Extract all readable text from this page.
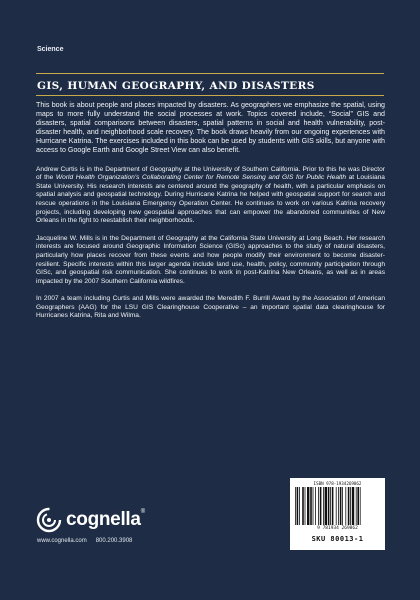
Science
GIS, HUMAN GEOGRAPHY, AND DISASTERS

This book is about people and places impacted by disasters. As geographers we emphasize the spatial, using maps to more fully understand the social processes at work. Topics covered include, “Social” GIS and disasters, spatial comparisons between disasters, spatial patterns in social and health vulnerability, post-disaster health, and neighborhood scale recovery. The book draws heavily from our ongoing experiences with Hurricane Katrina. The exercises included in this book can be used by students with GIS skills, but anyone with access to Google Earth and Google Street View can also benefit.

Andrew Curtis is in the Department of Geography at the University of Southern California. Prior to this he was Director of the World Health Organization's Collaborating Center for Remote Sensing and GIS for Public Health at Louisiana State University. His research interests are centered around the geography of health, with a particular emphasis on spatial analysis and geospatial technology. During Hurricane Katrina he helped with geospatial support for search and rescue operations in the Louisiana Emergency Operation Center. He continues to work on various Katrina recovery projects, including developing new geospatial approaches that can empower the abandoned communities of New Orleans in the fight to reestablish their neighborhoods.

Jacqueline W. Mills is in the Department of Geography at the California State University at Long Beach. Her research interests are focused around Geographic Information Science (GISc) approaches to the study of natural disasters, particularly how places recover from these events and how people modify their environment to become disaster-resilient. Specific interests within this larger agenda include land use, health, policy, community participation through GISc, and geospatial risk communication. She continues to work in post-Katrina New Orleans, as well as in areas impacted by the 2007 Southern California wildfires.

In 2007 a team including Curtis and Mills were awarded the Meredith F. Burrill Award by the Association of American Geographers (AAG) for the LSU GIS Clearinghouse Cooperative – an important spatial data clearinghouse for Hurricanes Katrina, Rita and Wilma.

cognella®
www.cognella.com 800.200.3908
ISBN 978-1934269862
9 781934 269862
SKU 80013-1
